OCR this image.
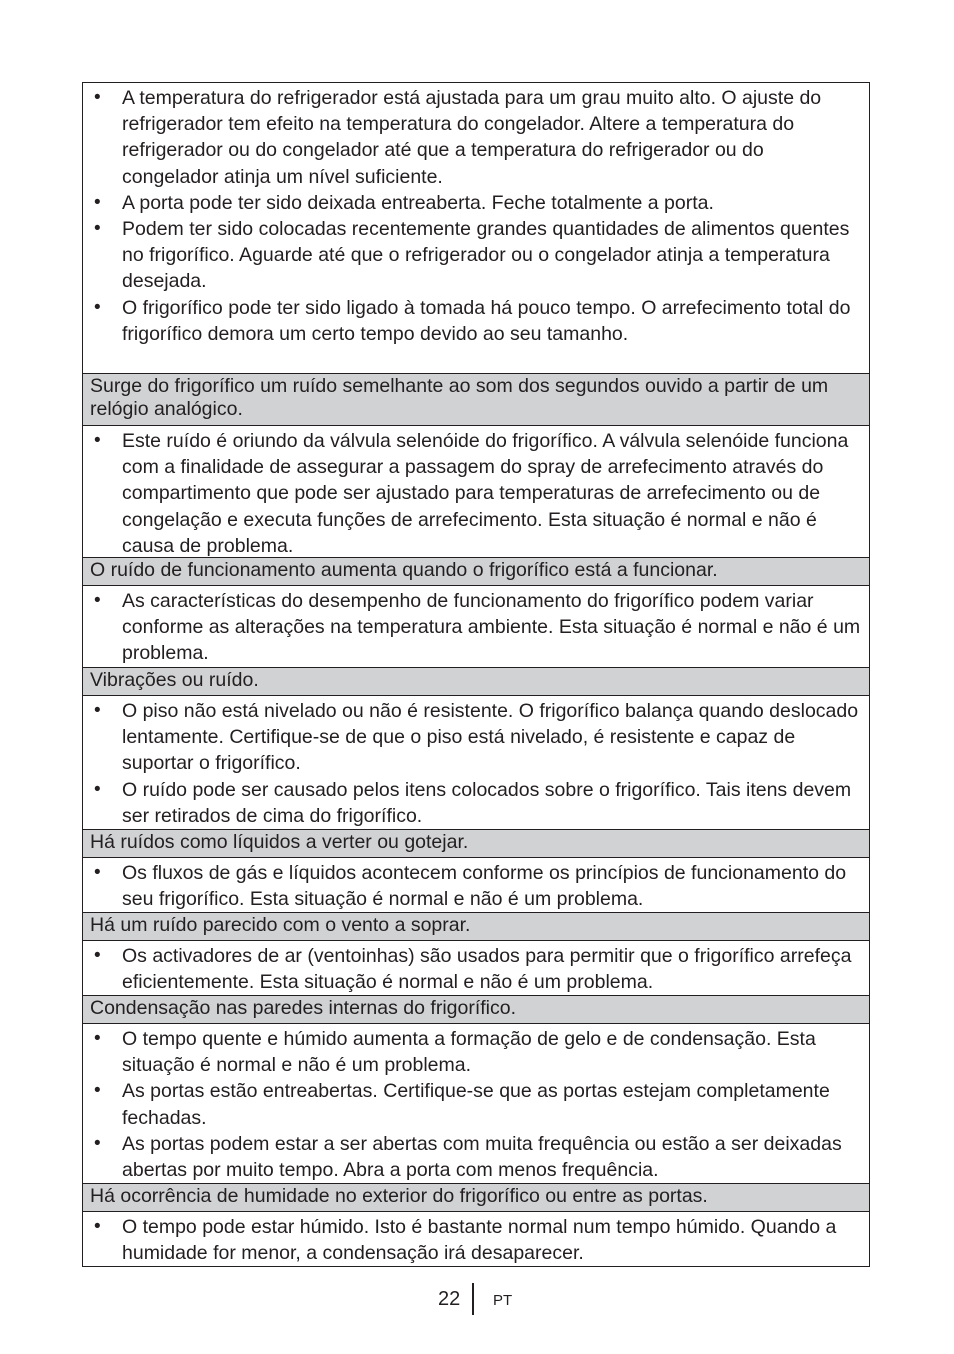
•	A temperatura do refrigerador está ajustada para um grau muito alto. O ajuste do refrigerador tem efeito na temperatura do congelador. Altere a temperatura do refrigerador ou do congelador até que a temperatura do refrigerador ou do congelador atinja um nível suficiente.
•	A porta pode ter sido deixada entreaberta. Feche totalmente a porta.
•	Podem ter sido colocadas recentemente grandes quantidades de alimentos quentes no frigorífico. Aguarde até que o refrigerador ou o congelador atinja a temperatura desejada.
•	O frigorífico pode ter sido ligado à tomada há pouco tempo. O arrefecimento total do frigorífico demora um certo tempo devido ao seu tamanho.
Surge do frigorífico um ruído semelhante ao som dos segundos ouvido a partir de um relógio analógico.
•	Este ruído é oriundo da válvula selenóide do frigorífico. A válvula selenóide funciona com a finalidade de assegurar a passagem do spray de arrefecimento através do compartimento que pode ser ajustado para temperaturas de arrefecimento ou de congelação e executa funções de arrefecimento. Esta situação é normal e não é causa de problema.
O ruído de funcionamento aumenta quando o frigorífico está a funcionar.
•	As características do desempenho de funcionamento do frigorífico podem variar conforme as alterações na temperatura ambiente. Esta situação é normal e não é um problema.
Vibrações ou ruído.
•	O piso não está nivelado ou não é resistente. O frigorífico balança quando deslocado lentamente. Certifique-se de que o piso está nivelado, é resistente e capaz de suportar o frigorífico.
•	O ruído pode ser causado pelos itens colocados sobre o frigorífico. Tais itens devem ser retirados de cima do frigorífico.
Há ruídos como líquidos a verter ou gotejar.
•	Os fluxos de gás e líquidos acontecem conforme os princípios de funcionamento do seu frigorífico. Esta situação é normal e não é um problema.
Há um ruído parecido com o vento a soprar.
•	Os activadores de ar (ventoinhas) são usados para permitir que o frigorífico arrefeça eficientemente. Esta situação é normal e não é um problema.
Condensação nas paredes internas do frigorífico.
•	O tempo quente e húmido aumenta a formação de gelo e de condensação. Esta situação é normal e não é um problema.
•	As portas estão entreabertas. Certifique-se que as portas estejam completamente fechadas.
•	As portas podem estar a ser abertas com muita frequência ou estão a ser deixadas abertas por muito tempo. Abra a porta com menos frequência.
Há ocorrência de humidade no exterior do frigorífico ou entre as portas.
•	O tempo pode estar húmido. Isto é bastante normal num tempo húmido. Quando a humidade for menor, a condensação irá desaparecer.
22 PT
